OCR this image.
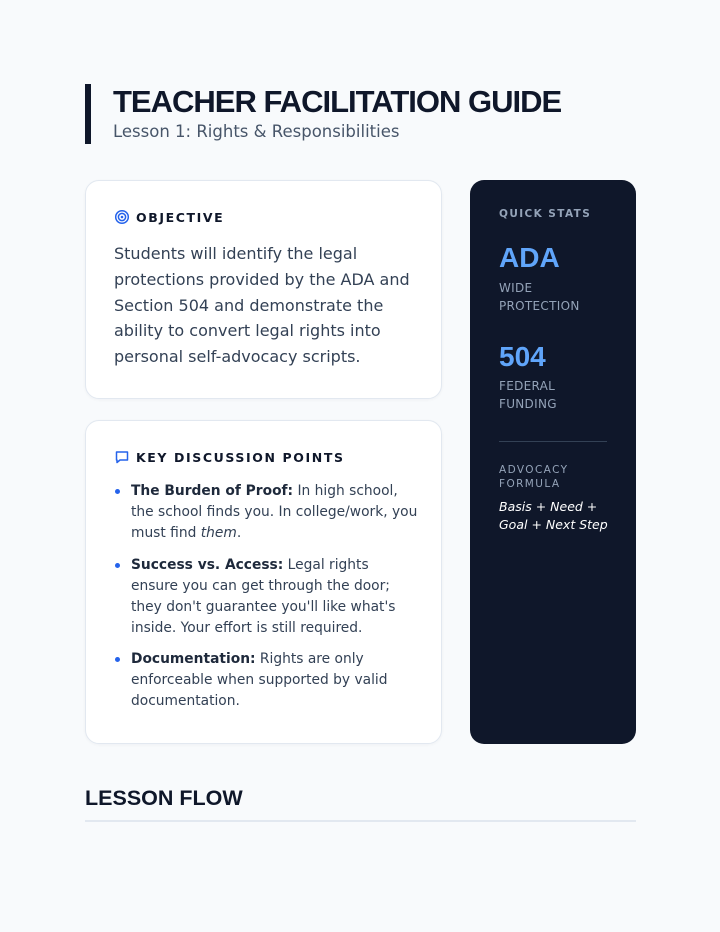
TEACHER FACILITATION GUIDE
Lesson 1: Rights & Responsibilities
OBJECTIVE

Students will identify the legal protections provided by the ADA and Section 504 and demonstrate the ability to convert legal rights into personal self-advocacy scripts.

KEY DISCUSSION POINTS
The Burden of Proof: In high school, the school finds you. In college/work, you must find them.
Success vs. Access: Legal rights ensure you can get through the door; they don't guarantee you'll like what's inside. Your effort is still required.
Documentation: Rights are only enforceable when supported by valid documentation.
QUICK STATS
ADA
WIDE PROTECTION
504
FEDERAL FUNDING
ADVOCACY FORMULA
Basis + Need + Goal + Next Step
LESSON FLOW
